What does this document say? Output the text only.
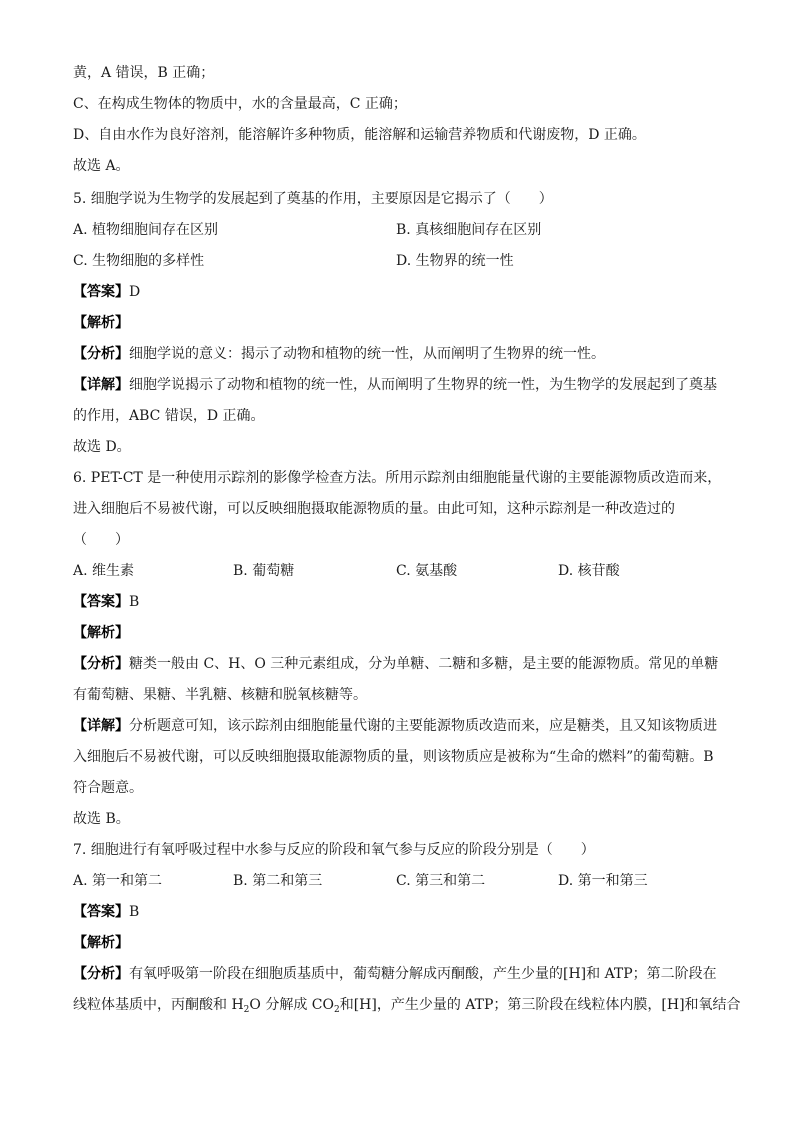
黄，A 错误，B 正确；
C、在构成生物体的物质中，水的含量最高，C 正确；
D、自由水作为良好溶剂，能溶解许多种物质，能溶解和运输营养物质和代谢废物，D 正确。
故选 A。
5. 细胞学说为生物学的发展起到了奠基的作用，主要原因是它揭示了（　　）
A. 植物细胞间存在区别	B. 真核细胞间存在区别
C. 生物细胞的多样性	D. 生物界的统一性
【答案】D
【解析】
【分析】细胞学说的意义：揭示了动物和植物的统一性，从而阐明了生物界的统一性。
【详解】细胞学说揭示了动物和植物的统一性，从而阐明了生物界的统一性，为生物学的发展起到了奠基
的作用，ABC 错误，D 正确。
故选 D。
6. PET-CT 是一种使用示踪剂的影像学检查方法。所用示踪剂由细胞能量代谢的主要能源物质改造而来，
进入细胞后不易被代谢，可以反映细胞摄取能源物质的量。由此可知，这种示踪剂是一种改造过的
（　　）
A. 维生素	B. 葡萄糖	C. 氨基酸	D. 核苷酸
【答案】B
【解析】
【分析】糖类一般由 C、H、O 三种元素组成，分为单糖、二糖和多糖，是主要的能源物质。常见的单糖
有葡萄糖、果糖、半乳糖、核糖和脱氧核糖等。
【详解】分析题意可知，该示踪剂由细胞能量代谢的主要能源物质改造而来，应是糖类，且又知该物质进
入细胞后不易被代谢，可以反映细胞摄取能源物质的量，则该物质应是被称为“生命的燃料”的葡萄糖。B
符合题意。
故选 B。
7. 细胞进行有氧呼吸过程中水参与反应的阶段和氧气参与反应的阶段分别是（　　）
A. 第一和第二	B. 第二和第三	C. 第三和第二	D. 第一和第三
【答案】B
【解析】
【分析】有氧呼吸第一阶段在细胞质基质中，葡萄糖分解成丙酮酸，产生少量的[H]和 ATP；第二阶段在
线粒体基质中，丙酮酸和 $H_2O$ 分解成 $CO_2$和[H]，产生少量的 ATP；第三阶段在线粒体内膜，[H]和氧结合
